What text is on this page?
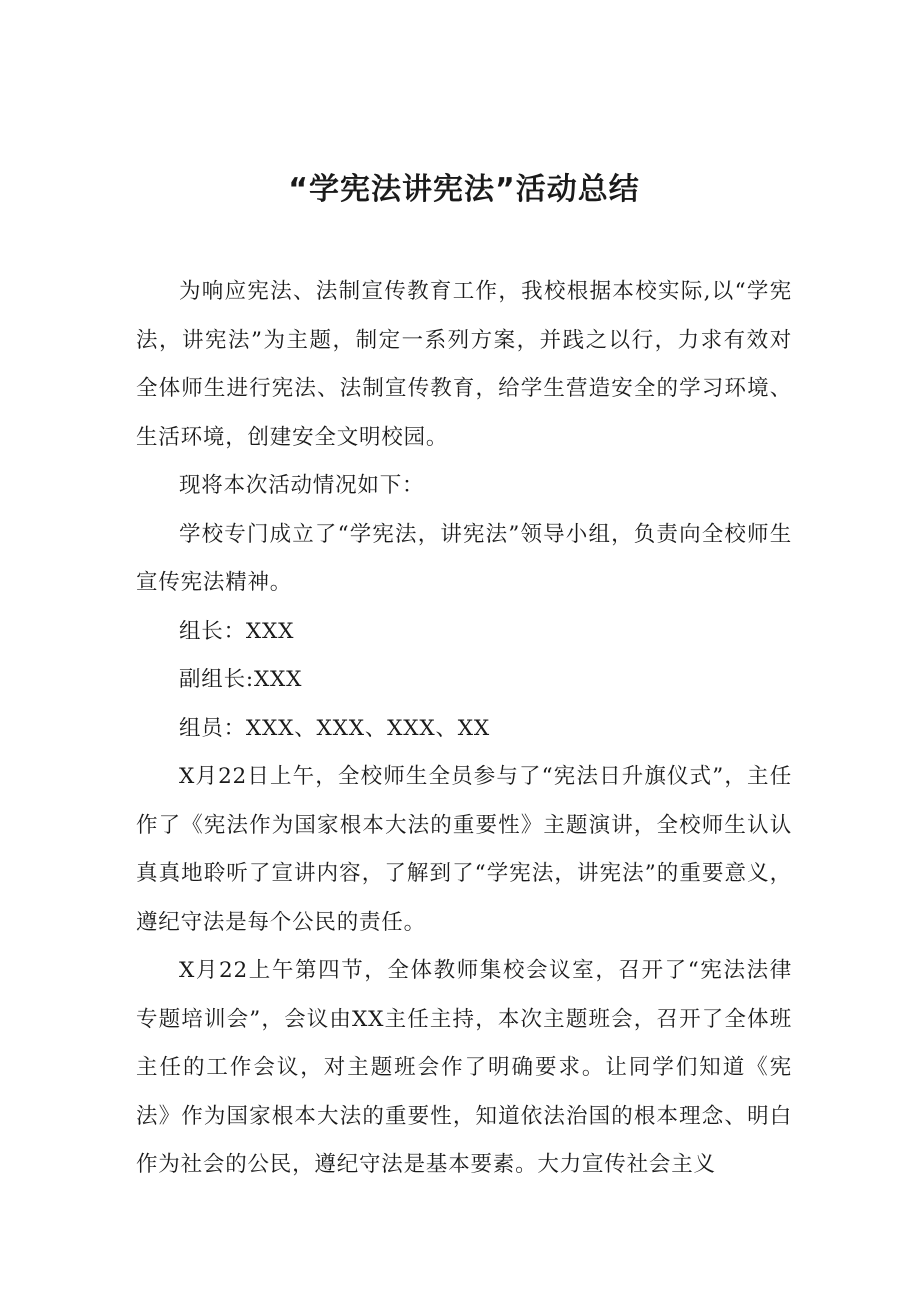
“学宪法讲宪法”活动总结

为响应宪法、法制宣传教育工作，我校根据本校实际,以“学宪法，讲宪法”为主题，制定一系列方案，并践之以行，力求有效对全体师生进行宪法、法制宣传教育，给学生营造安全的学习环境、生活环境，创建安全文明校园。

现将本次活动情况如下：

学校专门成立了“学宪法，讲宪法”领导小组，负责向全校师生宣传宪法精神。

组长：XXX

副组长:XXX

组员：XXX、XXX、XXX、XX

X月22日上午，全校师生全员参与了“宪法日升旗仪式”，主任作了《宪法作为国家根本大法的重要性》主题演讲，全校师生认认真真地聆听了宣讲内容，了解到了“学宪法，讲宪法”的重要意义，遵纪守法是每个公民的责任。

X月22上午第四节，全体教师集校会议室，召开了“宪法法律专题培训会”，会议由XX主任主持，本次主题班会，召开了全体班主任的工作会议，对主题班会作了明确要求。让同学们知道《宪法》作为国家根本大法的重要性，知道依法治国的根本理念、明白作为社会的公民，遵纪守法是基本要素。大力宣传社会主义
